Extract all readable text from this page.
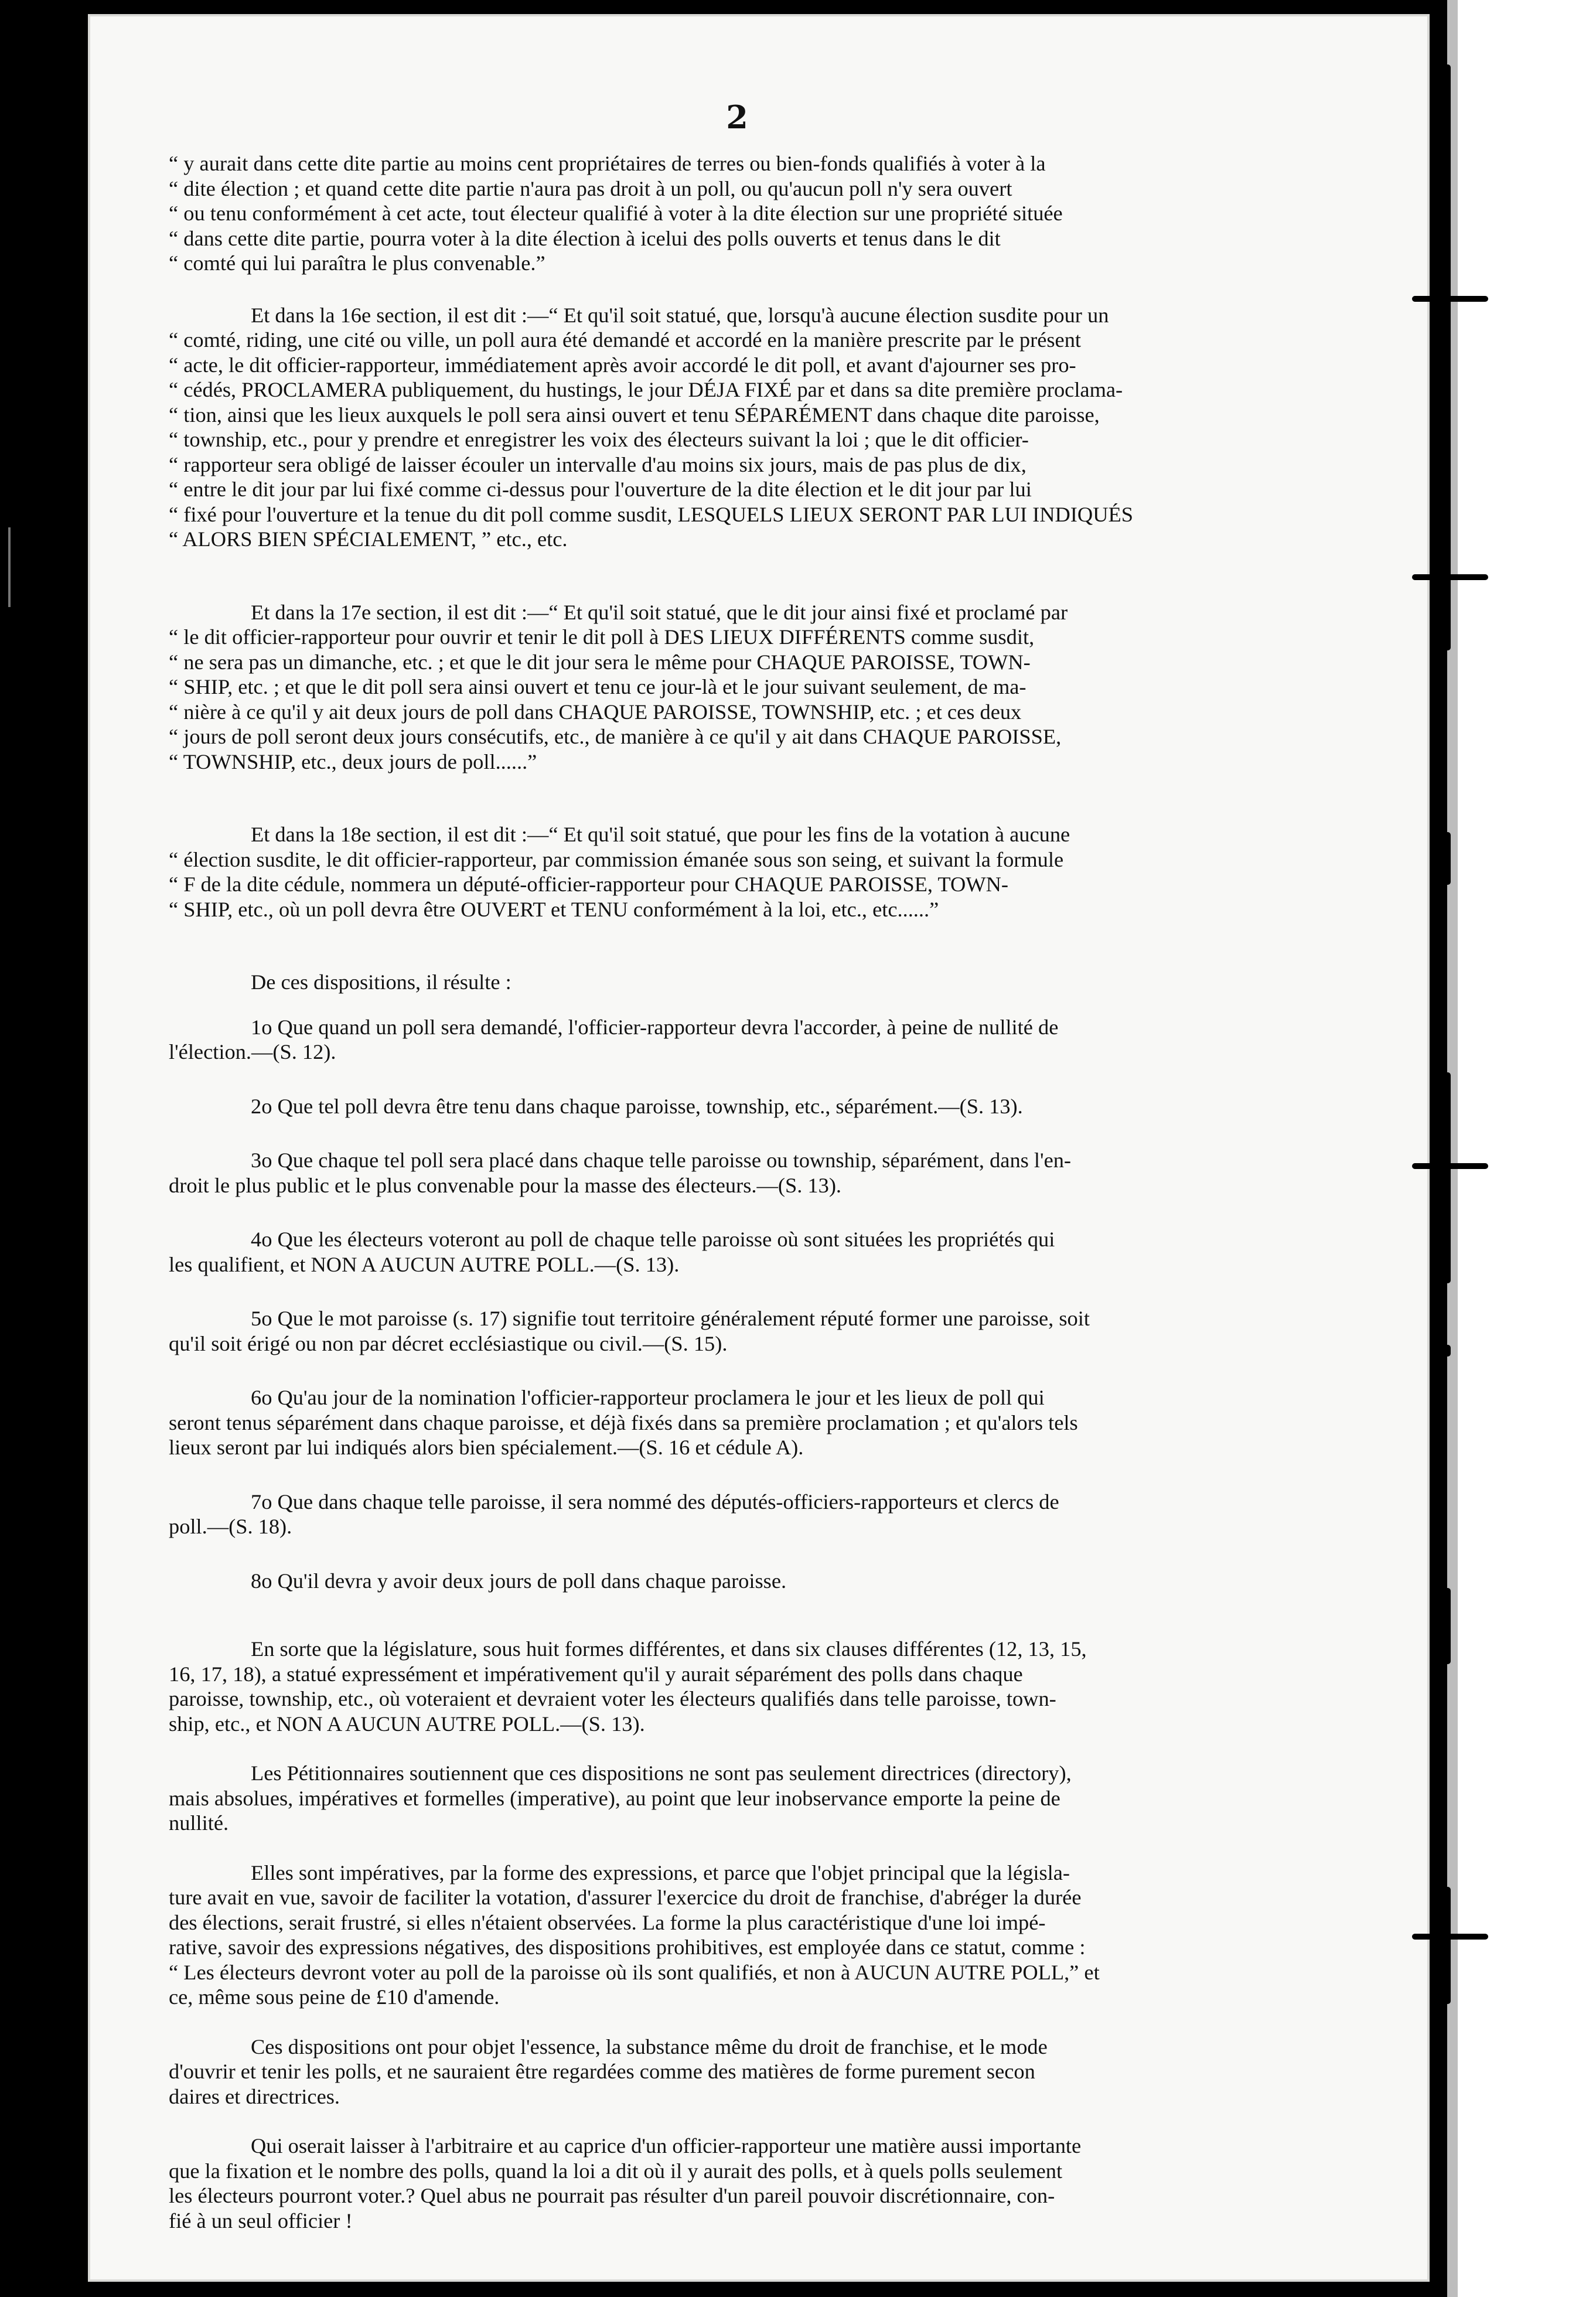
2

“ y aurait dans cette dite partie au moins cent propriétaires de terres ou bien-fonds qualifiés à voter à la
“ dite élection ; et quand cette dite partie n'aura pas droit à un poll, ou qu'aucun poll n'y sera ouvert
“ ou tenu conformément à cet acte, tout électeur qualifié à voter à la dite élection sur une propriété située
“ dans cette dite partie, pourra voter à la dite élection à icelui des polls ouverts et tenus dans le dit
“ comté qui lui paraîtra le plus convenable.”

Et dans la 16e section, il est dit :—“ Et qu'il soit statué, que, lorsqu'à aucune élection susdite pour un
“ comté, riding, une cité ou ville, un poll aura été demandé et accordé en la manière prescrite par le présent
“ acte, le dit officier-rapporteur, immédiatement après avoir accordé le dit poll, et avant d'ajourner ses pro-
“ cédés, PROCLAMERA publiquement, du hustings, le jour DÉJA FIXÉ par et dans sa dite première proclama-
“ tion, ainsi que les lieux auxquels le poll sera ainsi ouvert et tenu SÉPARÉMENT dans chaque dite paroisse,
“ township, etc., pour y prendre et enregistrer les voix des électeurs suivant la loi ; que le dit officier-
“ rapporteur sera obligé de laisser écouler un intervalle d'au moins six jours, mais de pas plus de dix,
“ entre le dit jour par lui fixé comme ci-dessus pour l'ouverture de la dite élection et le dit jour par lui
“ fixé pour l'ouverture et la tenue du dit poll comme susdit, LESQUELS LIEUX SERONT PAR LUI INDIQUÉS
“ ALORS BIEN SPÉCIALEMENT, ” etc., etc.

Et dans la 17e section, il est dit :—“ Et qu'il soit statué, que le dit jour ainsi fixé et proclamé par
“ le dit officier-rapporteur pour ouvrir et tenir le dit poll à DES LIEUX DIFFÉRENTS comme susdit,
“ ne sera pas un dimanche, etc. ; et que le dit jour sera le même pour CHAQUE PAROISSE, TOWN-
“ SHIP, etc. ; et que le dit poll sera ainsi ouvert et tenu ce jour-là et le jour suivant seulement, de ma-
“ nière à ce qu'il y ait deux jours de poll dans CHAQUE PAROISSE, TOWNSHIP, etc. ; et ces deux
“ jours de poll seront deux jours consécutifs, etc., de manière à ce qu'il y ait dans CHAQUE PAROISSE,
“ TOWNSHIP, etc., deux jours de poll......”

Et dans la 18e section, il est dit :—“ Et qu'il soit statué, que pour les fins de la votation à aucune
“ élection susdite, le dit officier-rapporteur, par commission émanée sous son seing, et suivant la formule
“ F de la dite cédule, nommera un député-officier-rapporteur pour CHAQUE PAROISSE, TOWN-
“ SHIP, etc., où un poll devra être OUVERT et TENU conformément à la loi, etc., etc......”

De ces dispositions, il résulte :

1o Que quand un poll sera demandé, l'officier-rapporteur devra l'accorder, à peine de nullité de
l'élection.—(S. 12).

2o Que tel poll devra être tenu dans chaque paroisse, township, etc., séparément.—(S. 13).

3o Que chaque tel poll sera placé dans chaque telle paroisse ou township, séparément, dans l'en-
droit le plus public et le plus convenable pour la masse des électeurs.—(S. 13).

4o Que les électeurs voteront au poll de chaque telle paroisse où sont situées les propriétés qui
les qualifient, et NON A AUCUN AUTRE POLL.—(S. 13).

5o Que le mot paroisse (s. 17) signifie tout territoire généralement réputé former une paroisse, soit
qu'il soit érigé ou non par décret ecclésiastique ou civil.—(S. 15).

6o Qu'au jour de la nomination l'officier-rapporteur proclamera le jour et les lieux de poll qui
seront tenus séparément dans chaque paroisse, et déjà fixés dans sa première proclamation ; et qu'alors tels
lieux seront par lui indiqués alors bien spécialement.—(S. 16 et cédule A).

7o Que dans chaque telle paroisse, il sera nommé des députés-officiers-rapporteurs et clercs de
poll.—(S. 18).

8o Qu'il devra y avoir deux jours de poll dans chaque paroisse.

En sorte que la législature, sous huit formes différentes, et dans six clauses différentes (12, 13, 15,
16, 17, 18), a statué expressément et impérativement qu'il y aurait séparément des polls dans chaque
paroisse, township, etc., où voteraient et devraient voter les électeurs qualifiés dans telle paroisse, town-
ship, etc., et NON A AUCUN AUTRE POLL.—(S. 13).

Les Pétitionnaires soutiennent que ces dispositions ne sont pas seulement directrices (directory),
mais absolues, impératives et formelles (imperative), au point que leur inobservance emporte la peine de
nullité.

Elles sont impératives, par la forme des expressions, et parce que l'objet principal que la législa-
ture avait en vue, savoir de faciliter la votation, d'assurer l'exercice du droit de franchise, d'abréger la durée
des élections, serait frustré, si elles n'étaient observées. La forme la plus caractéristique d'une loi impé-
rative, savoir des expressions négatives, des dispositions prohibitives, est employée dans ce statut, comme :
“ Les électeurs devront voter au poll de la paroisse où ils sont qualifiés, et non à AUCUN AUTRE POLL,” et
ce, même sous peine de £10 d'amende.

Ces dispositions ont pour objet l'essence, la substance même du droit de franchise, et le mode
d'ouvrir et tenir les polls, et ne sauraient être regardées comme des matières de forme purement secon
daires et directrices.

Qui oserait laisser à l'arbitraire et au caprice d'un officier-rapporteur une matière aussi importante
que la fixation et le nombre des polls, quand la loi a dit où il y aurait des polls, et à quels polls seulement
les électeurs pourront voter.? Quel abus ne pourrait pas résulter d'un pareil pouvoir discrétionnaire, con-
fié à un seul officier !
